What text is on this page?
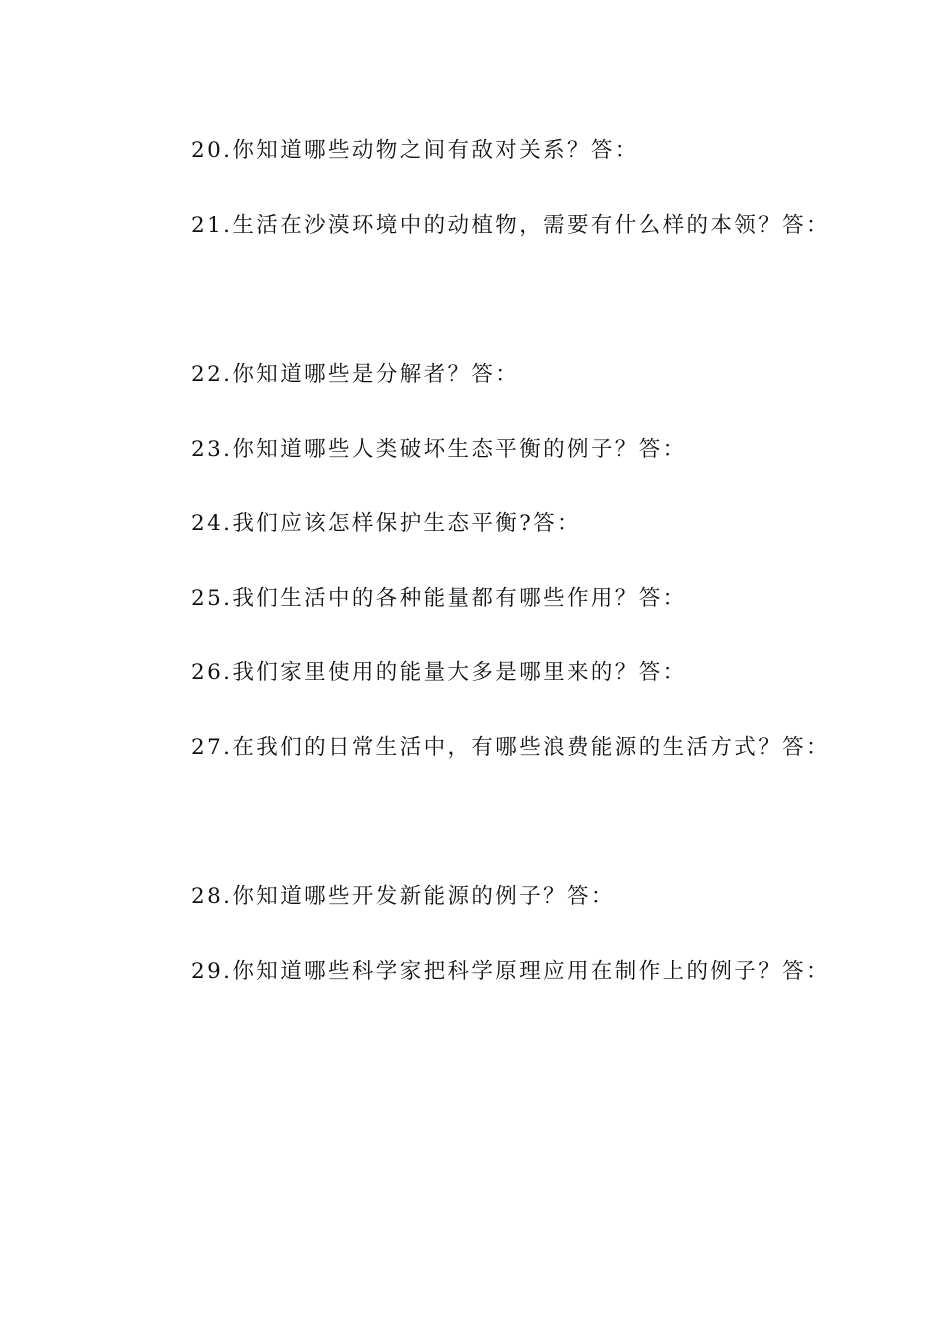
20.你知道哪些动物之间有敌对关系？答：
21.生活在沙漠环境中的动植物，需要有什么样的本领？答：
22.你知道哪些是分解者？答：
23.你知道哪些人类破坏生态平衡的例子？答：
24.我们应该怎样保护生态平衡?答：
25.我们生活中的各种能量都有哪些作用？答：
26.我们家里使用的能量大多是哪里来的？答：
27.在我们的日常生活中，有哪些浪费能源的生活方式？答：
28.你知道哪些开发新能源的例子？答：
29.你知道哪些科学家把科学原理应用在制作上的例子？答：
